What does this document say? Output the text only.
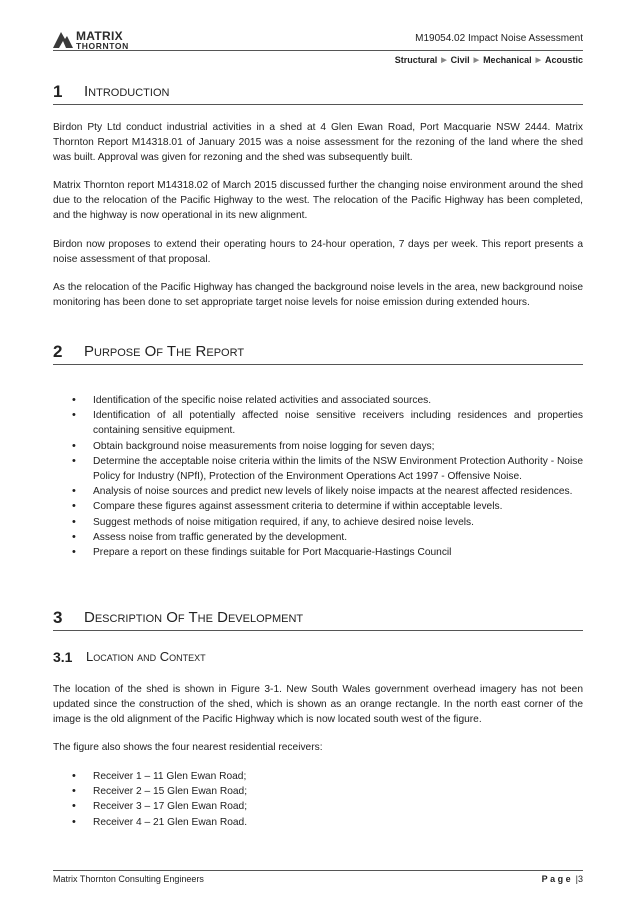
MATRIX
THORNTON
M19054.02 Impact Noise Assessment
Structural ▶ Civil ▶ Mechanical ▶ Acoustic
1 Introduction

Birdon Pty Ltd conduct industrial activities in a shed at 4 Glen Ewan Road, Port Macquarie NSW 2444. Matrix Thornton Report M14318.01 of January 2015 was a noise assessment for the rezoning of the land where the shed was built. Approval was given for rezoning and the shed was subsequently built.

Matrix Thornton report M14318.02 of March 2015 discussed further the changing noise environment around the shed due to the relocation of the Pacific Highway to the west. The relocation of the Pacific Highway has been completed, and the highway is now operational in its new alignment.

Birdon now proposes to extend their operating hours to 24-hour operation, 7 days per week. This report presents a noise assessment of that proposal.

As the relocation of the Pacific Highway has changed the background noise levels in the area, new background noise monitoring has been done to set appropriate target noise levels for noise emission during extended hours.

2 Purpose Of The Report
• Identification of the specific noise related activities and associated sources.
• Identification of all potentially affected noise sensitive receivers including residences and properties containing sensitive equipment.
• Obtain background noise measurements from noise logging for seven days;
• Determine the acceptable noise criteria within the limits of the NSW Environment Protection Authority - Noise Policy for Industry (NPfI), Protection of the Environment Operations Act 1997 - Offensive Noise.
• Analysis of noise sources and predict new levels of likely noise impacts at the nearest affected residences.
• Compare these figures against assessment criteria to determine if within acceptable levels.
• Suggest methods of noise mitigation required, if any, to achieve desired noise levels.
• Assess noise from traffic generated by the development.
• Prepare a report on these findings suitable for Port Macquarie-Hastings Council
3 Description Of The Development
3.1 Location and Context

The location of the shed is shown in Figure 3-1. New South Wales government overhead imagery has not been updated since the construction of the shed, which is shown as an orange rectangle. In the north east corner of the image is the old alignment of the Pacific Highway which is now located south west of the figure.

The figure also shows the four nearest residential receivers:

• Receiver 1 – 11 Glen Ewan Road;
• Receiver 2 – 15 Glen Ewan Road;
• Receiver 3 – 17 Glen Ewan Road;
• Receiver 4 – 21 Glen Ewan Road.
Matrix Thornton Consulting Engineers	Page |3
